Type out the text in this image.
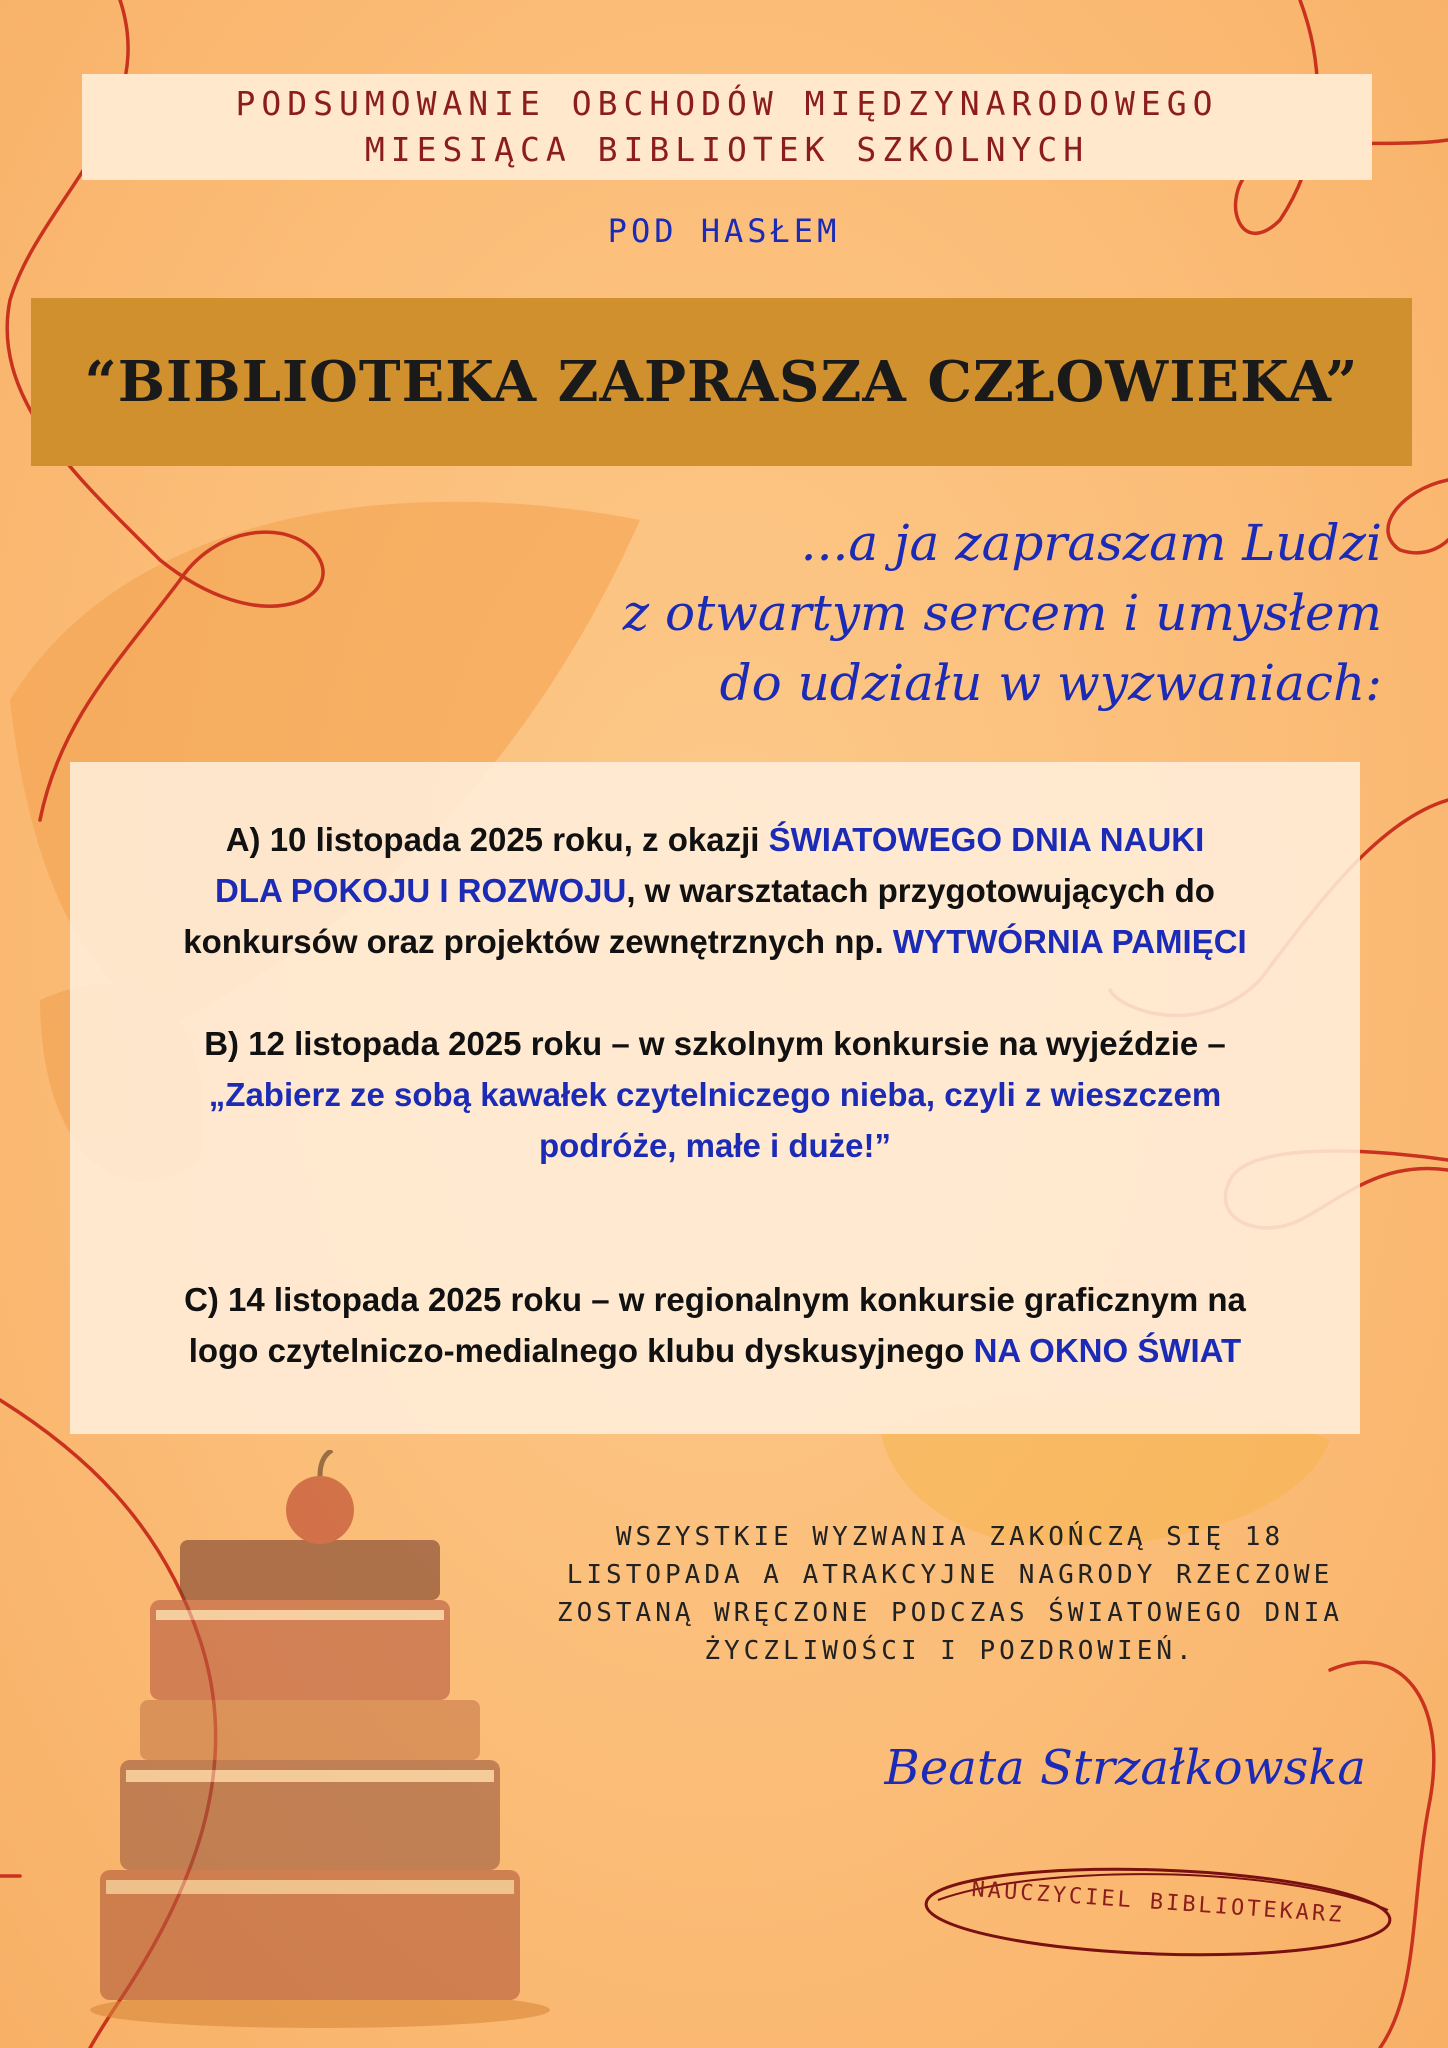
PODSUMOWANIE OBCHODÓW MIĘDZYNARODOWEGO
MIESIĄCA BIBLIOTEK SZKOLNYCH
POD HASŁEM
“BIBLIOTEKA ZAPRASZA CZŁOWIEKA”
...a ja zapraszam Ludzi
z otwartym sercem i umysłem
do udziału w wyzwaniach:
A) 10 listopada 2025 roku, z okazji ŚWIATOWEGO DNIA NAUKI
DLA POKOJU I ROZWOJU, w warsztatach przygotowujących do
konkursów oraz projektów zewnętrznych np. WYTWÓRNIA PAMIĘCI
B) 12 listopada 2025 roku – w szkolnym konkursie na wyjeździe –
„Zabierz ze sobą kawałek czytelniczego nieba, czyli z wieszczem
podróże, małe i duże!”
C) 14 listopada 2025 roku – w regionalnym konkursie graficznym na
logo czytelniczo-medialnego klubu dyskusyjnego NA OKNO ŚWIAT
WSZYSTKIE WYZWANIA ZAKOŃCZĄ SIĘ 18
LISTOPADA A ATRAKCYJNE NAGRODY RZECZOWE
ZOSTANĄ WRĘCZONE PODCZAS ŚWIATOWEGO DNIA
ŻYCZLIWOŚCI I POZDROWIEŃ.
Beata Strzałkowska
NAUCZYCIEL BIBLIOTEKARZ
